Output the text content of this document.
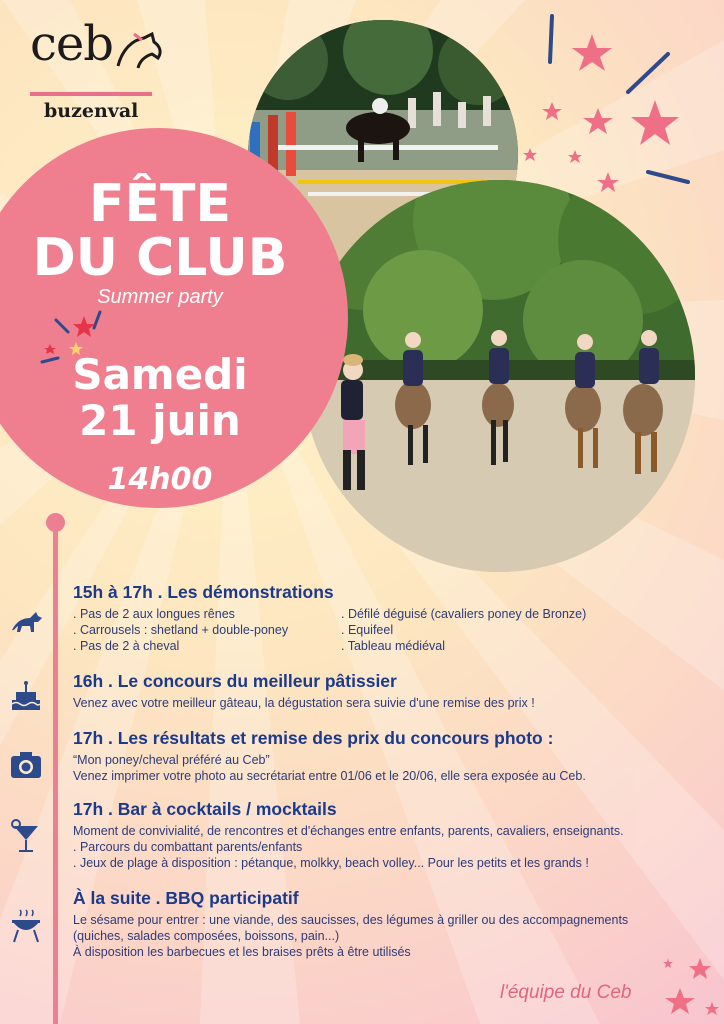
ceb
buzenval
FÊTE
DU CLUB
Summer party
Samedi
21 juin
14h00
15h à 17h . Les démonstrations
. Pas de 2 aux longues rênes
. Carrousels : shetland + double-poney
. Pas de 2 à cheval
. Défilé déguisé (cavaliers poney de Bronze)
. Equifeel
. Tableau médiéval
16h . Le concours du meilleur pâtissier
Venez avec votre meilleur gâteau, la dégustation sera suivie d'une remise des prix !
17h . Les résultats et remise des prix du concours photo :
“Mon poney/cheval préféré au Ceb”
Venez imprimer votre photo au secrétariat entre 01/06 et le 20/06, elle sera exposée au Ceb.
17h . Bar à cocktails / mocktails
Moment de convivialité, de rencontres et d'échanges entre enfants, parents, cavaliers, enseignants.
. Parcours du combattant parents/enfants
. Jeux de plage à disposition : pétanque, molkky, beach volley... Pour les petits et les grands !
À la suite . BBQ participatif
Le sésame pour entrer : une viande, des saucisses, des légumes à griller ou des accompagnements
(quiches, salades composées, boissons, pain...)
À disposition les barbecues et les braises prêts à être utilisés
l'équipe du Ceb
